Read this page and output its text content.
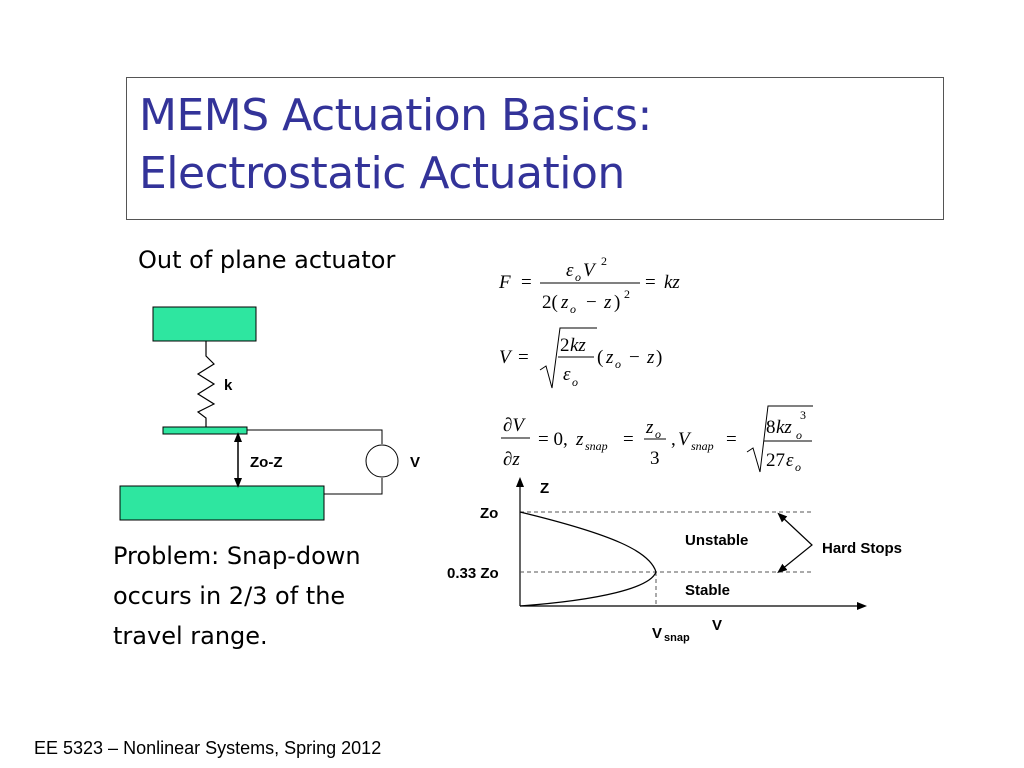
MEMS Actuation Basics:
Electrostatic Actuation
Out of plane actuator
Problem: Snap-down
occurs in 2/3 of the
travel range.
k
Zo-Z	V
F =
ε o V 2
2( z o − z ) 2
= kz
V =
2 kz
ε o
( z o − z )
∂V
∂z
= 0, z snap =
z o
3
, V snap =
8 kz o
3
27 ε o
Z
Zo
0.33 Zo
Unstable
Stable
Hard Stops
V snap
V
EE 5323 – Nonlinear Systems, Spring 2012
